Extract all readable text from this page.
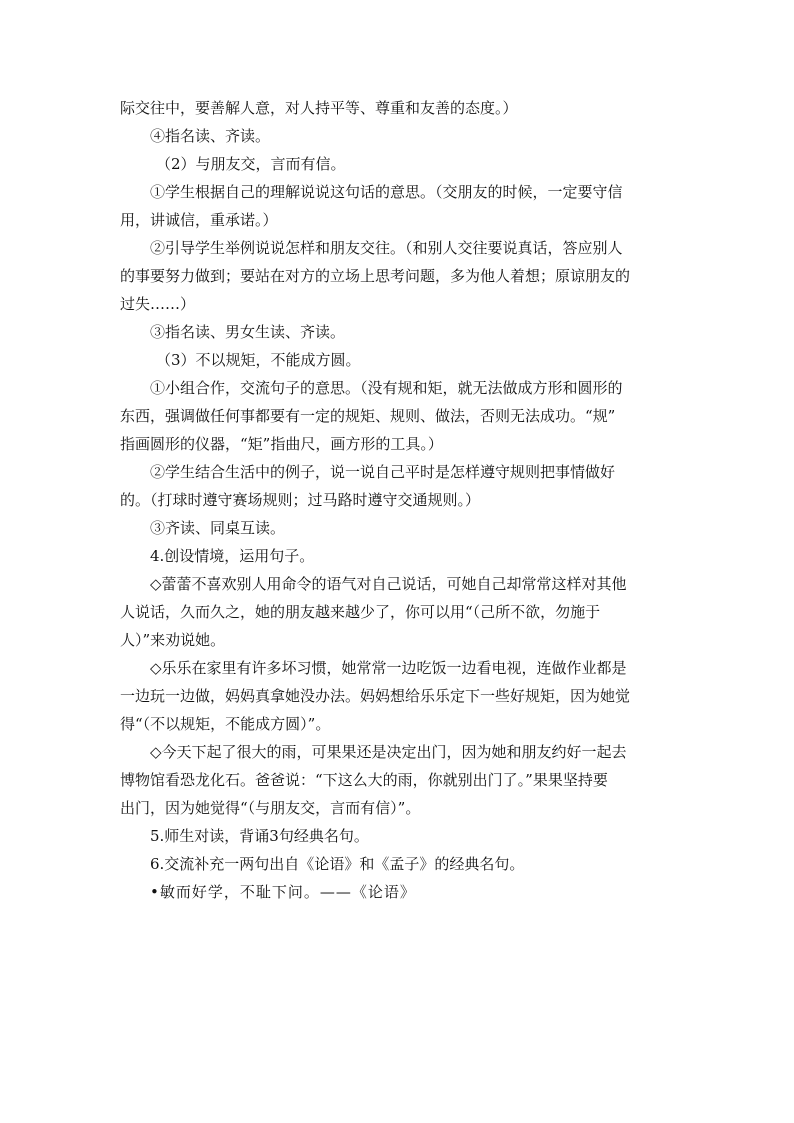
际交往中，要善解人意，对人持平等、尊重和友善的态度。）
④指名读、齐读。
（2）与朋友交，言而有信。
①学生根据自己的理解说说这句话的意思。（交朋友的时候，一定要守信
用，讲诚信，重承诺。）
②引导学生举例说说怎样和朋友交往。（和别人交往要说真话，答应别人
的事要努力做到；要站在对方的立场上思考问题，多为他人着想；原谅朋友的
过失……）
③指名读、男女生读、齐读。
（3）不以规矩，不能成方圆。
①小组合作，交流句子的意思。（没有规和矩，就无法做成方形和圆形的
东西，强调做任何事都要有一定的规矩、规则、做法，否则无法成功。“规”
指画圆形的仪器，“矩”指曲尺，画方形的工具。）
②学生结合生活中的例子，说一说自己平时是怎样遵守规则把事情做好
的。（打球时遵守赛场规则；过马路时遵守交通规则。）
③齐读、同桌互读。
4.创设情境，运用句子。
◇蕾蕾不喜欢别人用命令的语气对自己说话，可她自己却常常这样对其他
人说话，久而久之，她的朋友越来越少了，你可以用“（己所不欲，勿施于
人）”来劝说她。
◇乐乐在家里有许多坏习惯，她常常一边吃饭一边看电视，连做作业都是
一边玩一边做，妈妈真拿她没办法。妈妈想给乐乐定下一些好规矩，因为她觉
得“（不以规矩，不能成方圆）”。
◇今天下起了很大的雨，可果果还是决定出门，因为她和朋友约好一起去
博物馆看恐龙化石。爸爸说：“下这么大的雨，你就别出门了。”果果坚持要
出门，因为她觉得“（与朋友交，言而有信）”。
5.师生对读，背诵3句经典名句。
6.交流补充一两句出自《论语》和《孟子》的经典名句。
•敏而好学，不耻下问。——《论语》
